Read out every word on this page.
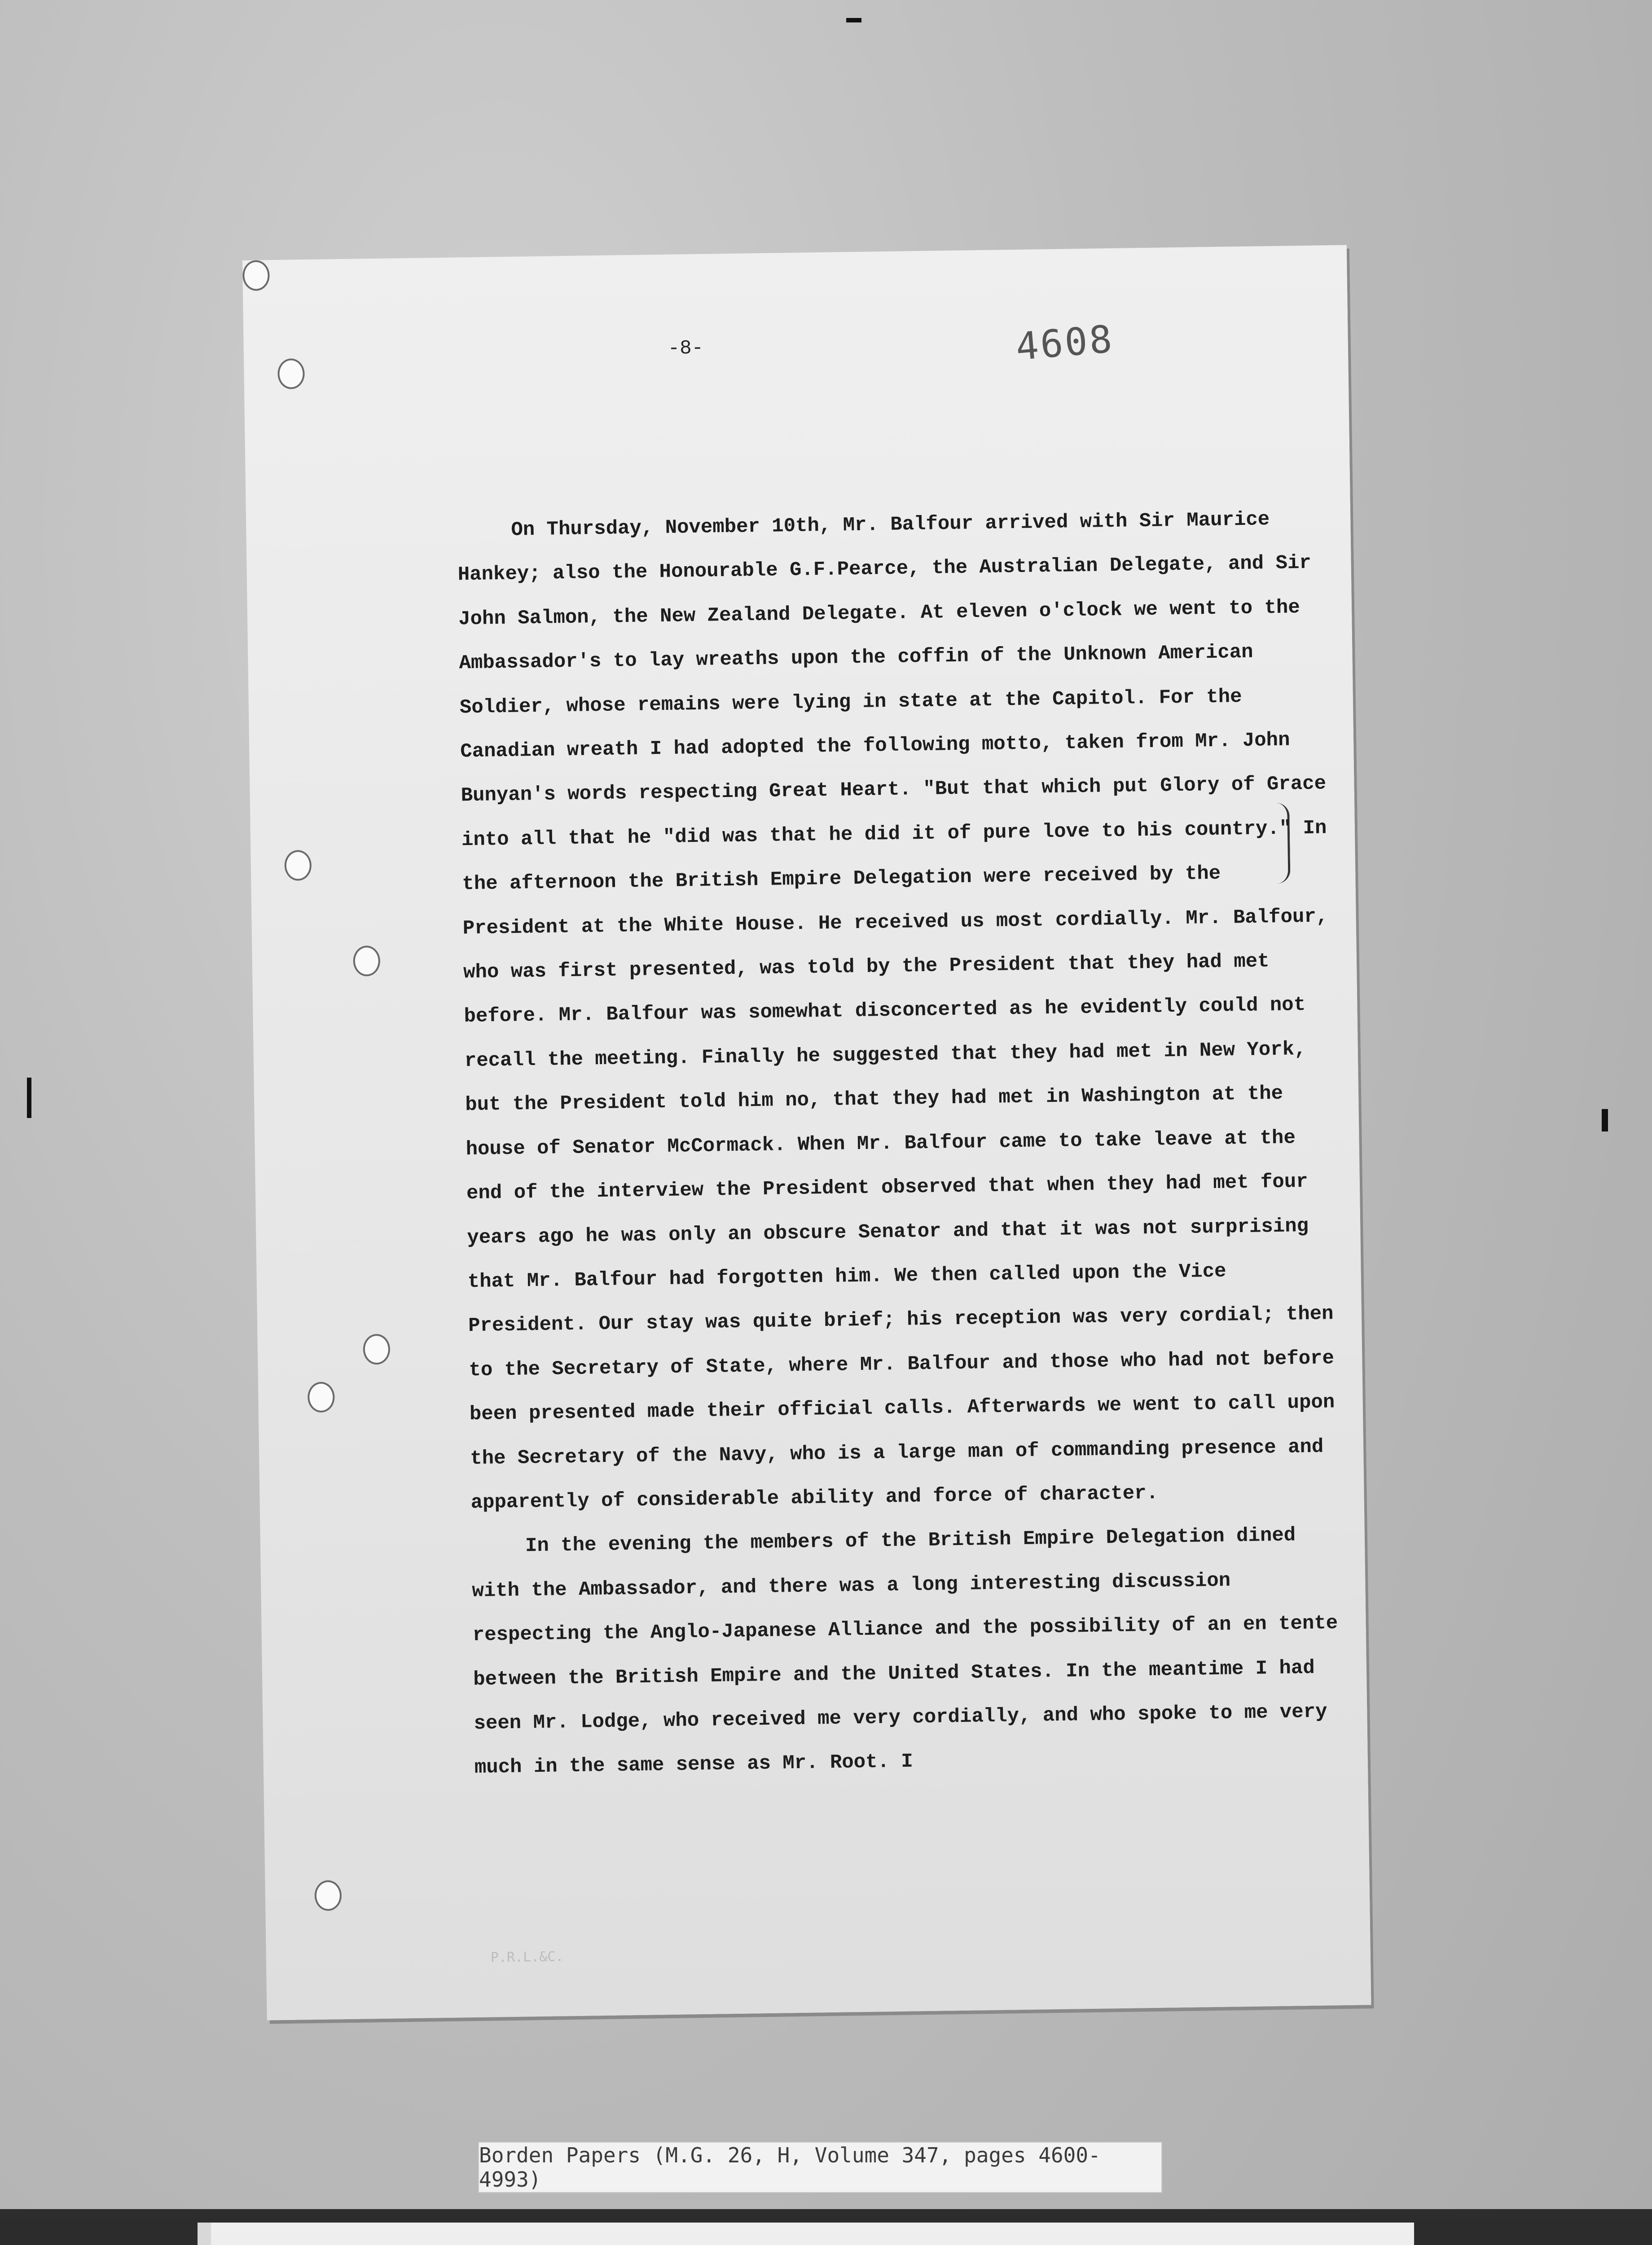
-8-	4608

On Thursday, November 10th, Mr. Balfour arrived with Sir Maurice Hankey; also the Honourable G.F.Pearce, the Australian Delegate, and Sir John Salmon, the New Zealand Delegate. At eleven o'clock we went to the Ambassador's to lay wreaths upon the coffin of the Unknown American Soldier, whose remains were lying in state at the Capitol. For the Canadian wreath I had adopted the following motto, taken from Mr. John Bunyan's words respecting Great Heart. "But that which put Glory of Grace into all that he "did was that he did it of pure love to his country." In the afternoon the British Empire Delegation were received by the President at the White House. He received us most cordially. Mr. Balfour, who was first presented, was told by the President that they had met before. Mr. Balfour was somewhat disconcerted as he evidently could not recall the meeting. Finally he suggested that they had met in New York, but the President told him no, that they had met in Washington at the house of Senator McCormack. When Mr. Balfour came to take leave at the end of the interview the President observed that when they had met four years ago he was only an obscure Senator and that it was not surprising that Mr. Balfour had forgotten him. We then called upon the Vice President. Our stay was quite brief; his reception was very cordial; then to the Secretary of State, where Mr. Balfour and those who had not before been presented made their official calls. Afterwards we went to call upon the Secretary of the Navy, who is a large man of commanding presence and apparently of considerable ability and force of character.

In the evening the members of the British Empire Delegation dined with the Ambassador, and there was a long interesting discussion respecting the Anglo-Japanese Alliance and the possibility of an en tente between the British Empire and the United States. In the meantime I had seen Mr. Lodge, who received me very cordially, and who spoke to me very much in the same sense as Mr. Root. I

P.R.L.&C.
Borden Papers (M.G. 26, H, Volume 347, pages 4600-4993)
